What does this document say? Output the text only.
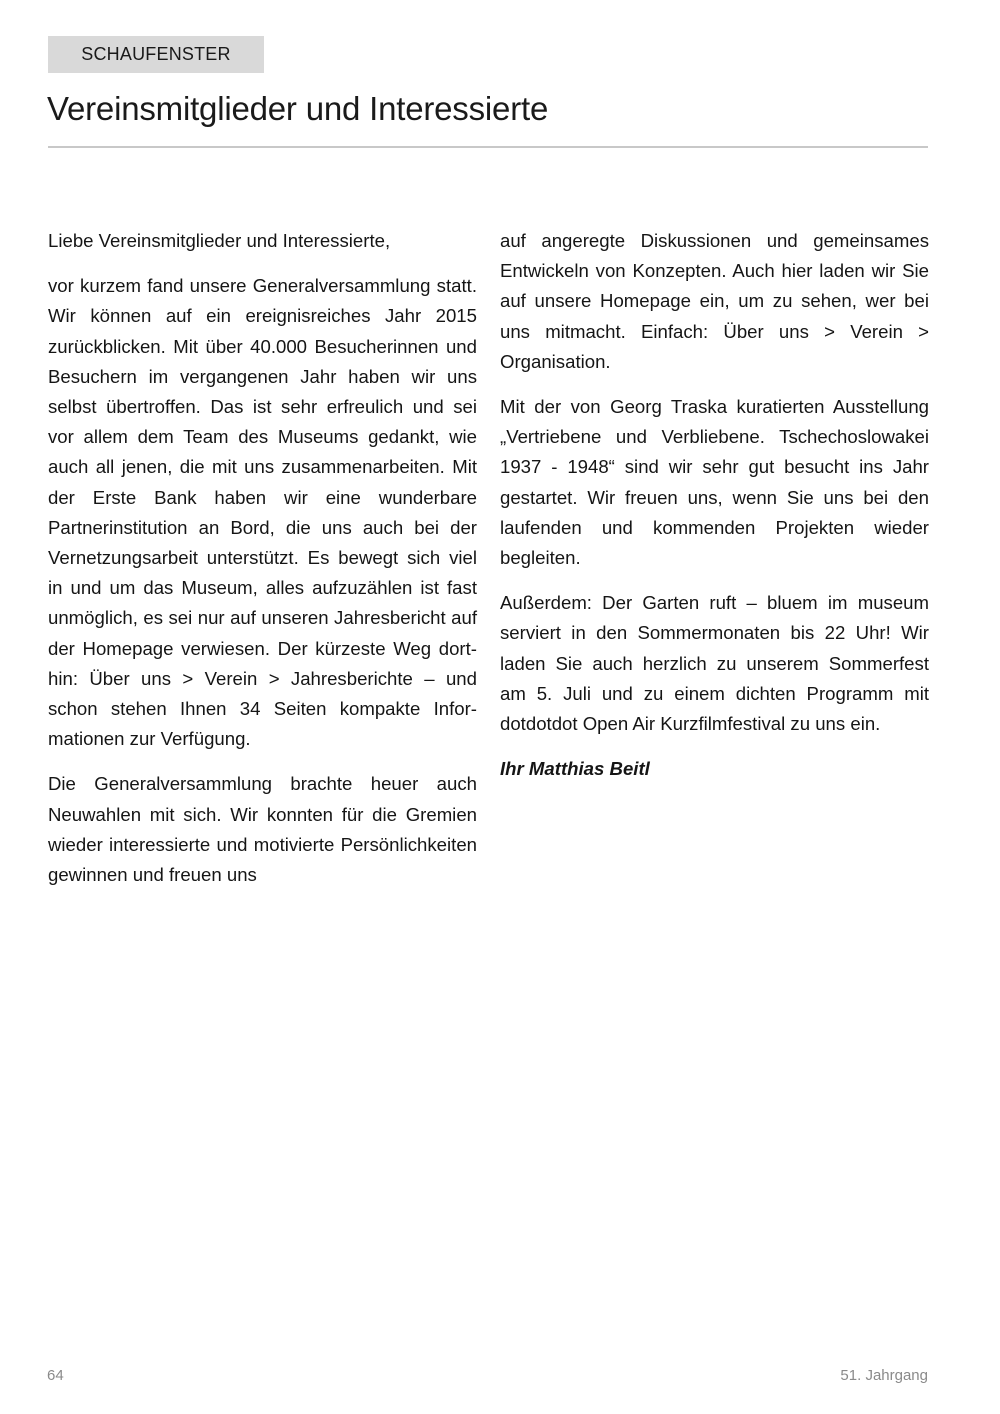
SCHAUFENSTER
Vereinsmitglieder und Interessierte

Liebe Vereinsmitglieder und Interessierte,

vor kurzem fand unsere Generalversammlung statt. Wir können auf ein ereignisreiches Jahr 2015 zurückblicken. Mit über 40.000 Besucherinnen und Besuchern im vergangenen Jahr haben wir uns selbst übertroffen. Das ist sehr erfreulich und sei vor allem dem Team des Museums gedankt, wie auch all jenen, die mit uns zusammenarbeiten. Mit der Erste Bank haben wir eine wunderbare Partnerinstitution an Bord, die uns auch bei der Vernetzungsarbeit unterstützt. Es bewegt sich viel in und um das Museum, alles aufzuzählen ist fast unmöglich, es sei nur auf unseren Jahresbericht auf der Homepage verwiesen. Der kürzeste Weg dorthin: Über uns > Verein > Jahresberichte – und schon stehen Ihnen 34 Seiten kompakte Informationen zur Verfügung.

Die Generalversammlung brachte heuer auch Neuwahlen mit sich. Wir konnten für die Gremien wieder interessierte und motivierte Persönlichkeiten gewinnen und freuen uns

auf angeregte Diskussionen und gemeinsames Entwickeln von Konzepten. Auch hier laden wir Sie auf unsere Homepage ein, um zu sehen, wer bei uns mitmacht. Einfach: Über uns > Verein > Organisation.

Mit der von Georg Traska kuratierten Ausstellung „Vertriebene und Verbliebene. Tschechoslowakei 1937 - 1948“ sind wir sehr gut besucht ins Jahr gestartet. Wir freuen uns, wenn Sie uns bei den laufenden und kommenden Projekten wieder begleiten.

Außerdem: Der Garten ruft – bluem im museum serviert in den Sommermonaten bis 22 Uhr! Wir laden Sie auch herzlich zu unserem Sommerfest am 5. Juli und zu einem dichten Programm mit dotdotdot Open Air Kurzfilmfestival zu uns ein.

Ihr Matthias Beitl

64	51. Jahrgang
